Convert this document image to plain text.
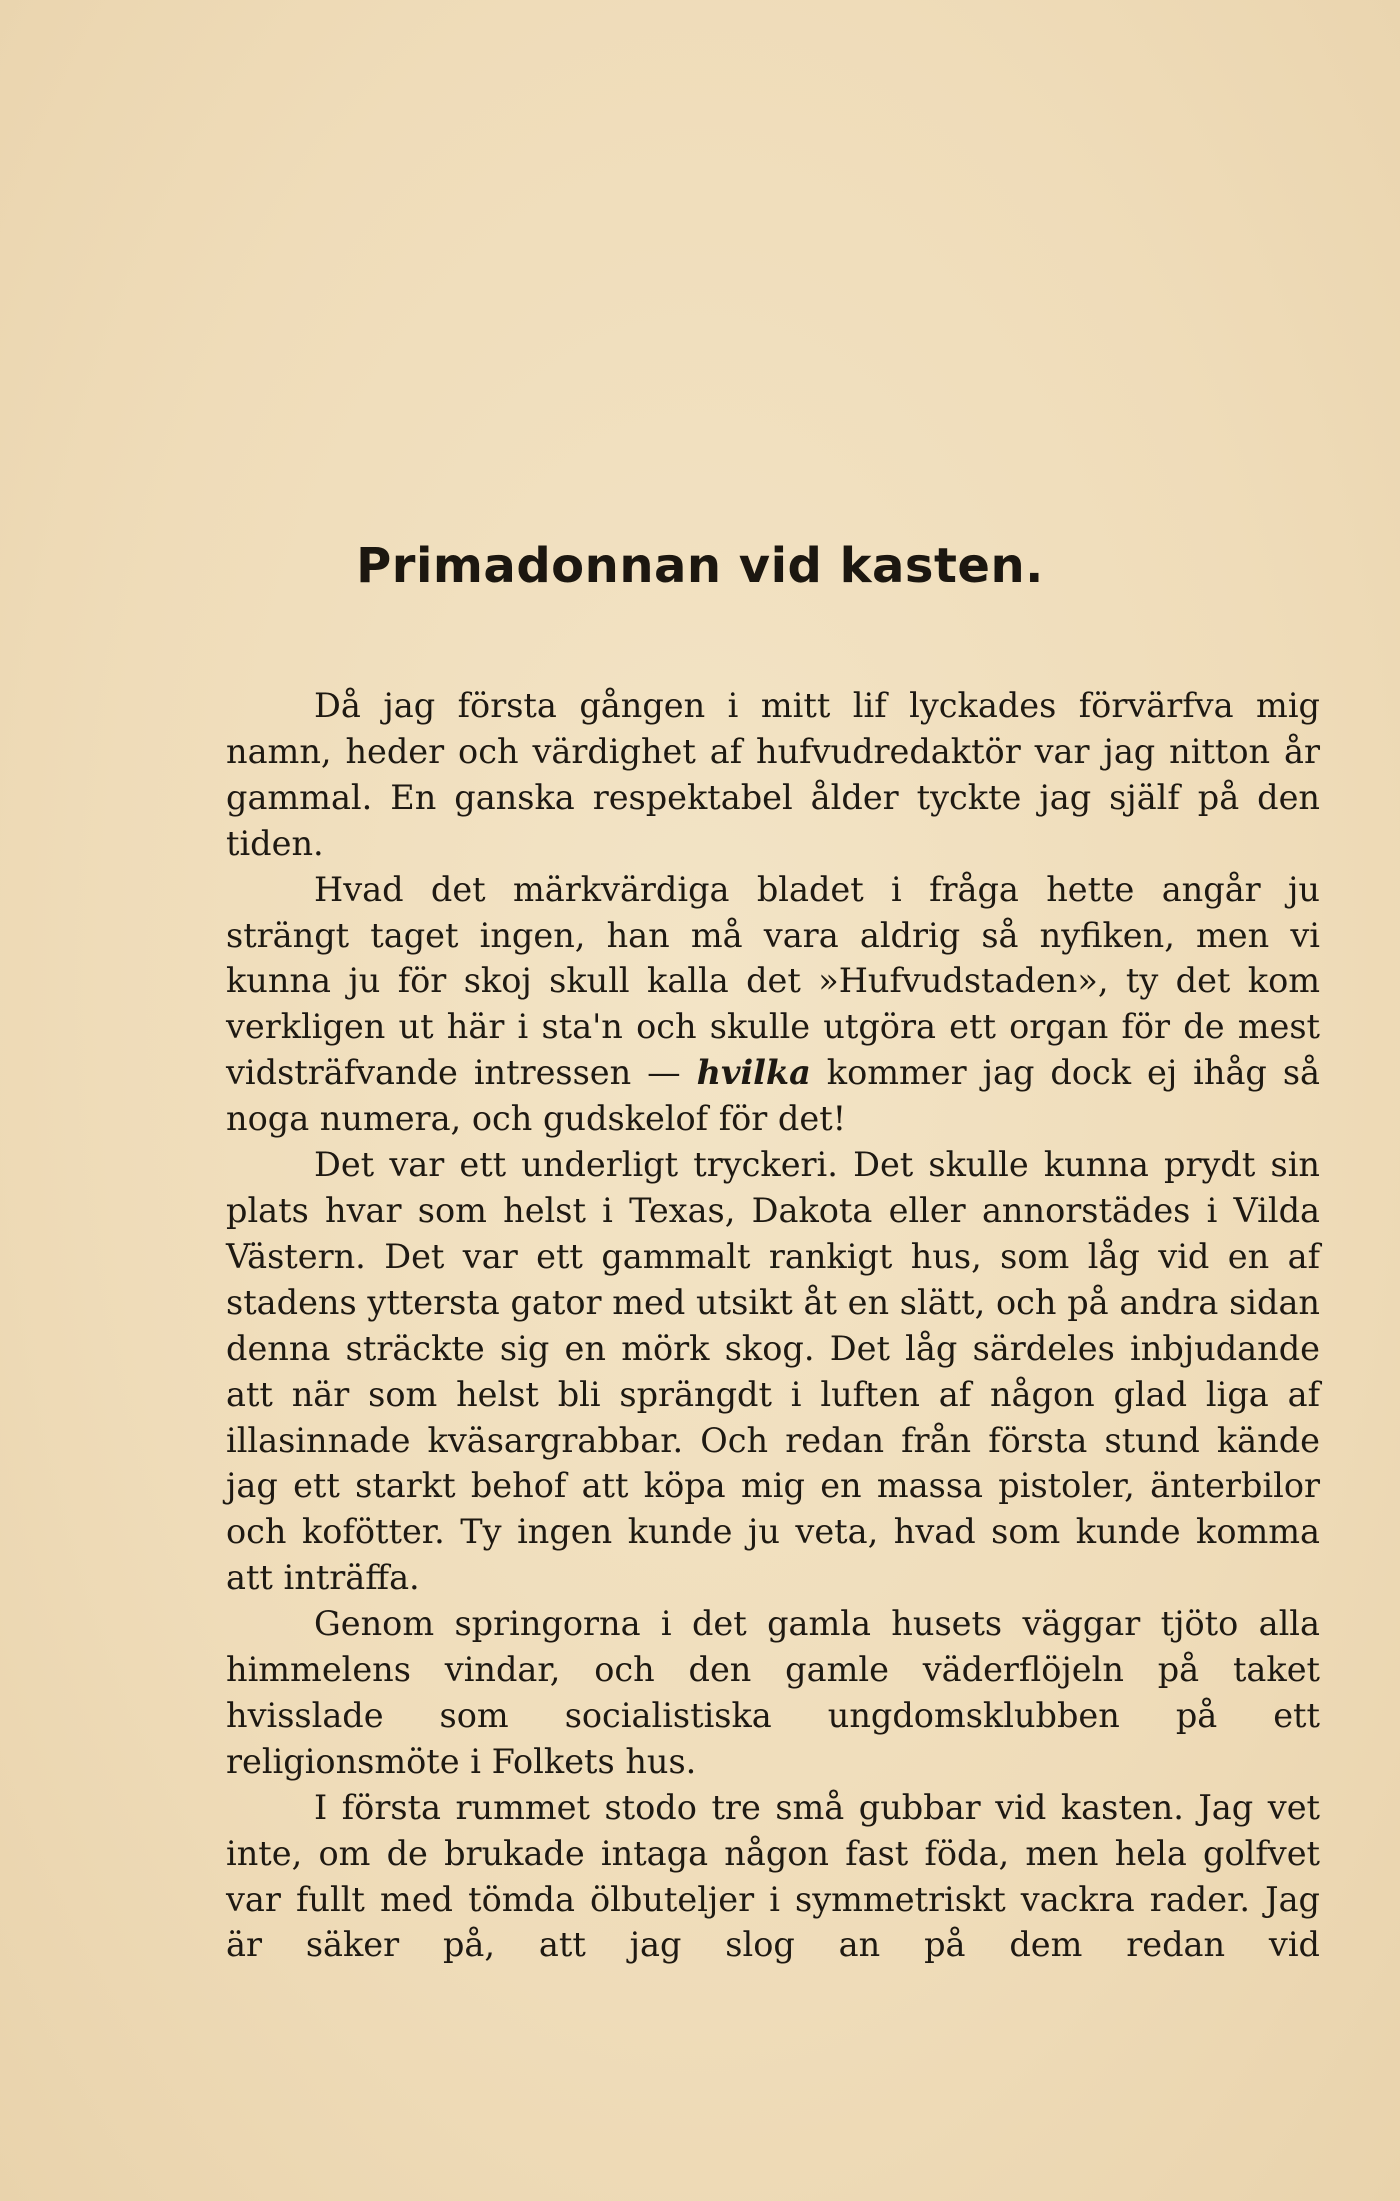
Primadonnan vid kasten.

Då jag första gången i mitt lif lyckades förvärfva mig namn, heder och värdighet af hufvudredaktör var jag nitton år gammal. En ganska respektabel ålder tyckte jag själf på den tiden.

Hvad det märkvärdiga bladet i fråga hette angår ju strängt taget ingen, han må vara aldrig så nyfiken, men vi kunna ju för skoj skull kalla det »Hufvudstaden», ty det kom verkligen ut här i sta'n och skulle utgöra ett organ för de mest vidsträfvande intressen — hvilka kommer jag dock ej ihåg så noga numera, och gudskelof för det!

Det var ett underligt tryckeri. Det skulle kunna prydt sin plats hvar som helst i Texas, Dakota eller annorstädes i Vilda Västern. Det var ett gammalt rankigt hus, som låg vid en af stadens yttersta gator med utsikt åt en slätt, och på andra sidan denna sträckte sig en mörk skog. Det låg särdeles inbjudande att när som helst bli sprängdt i luften af någon glad liga af illasinnade kväsargrabbar. Och redan från första stund kände jag ett starkt behof att köpa mig en massa pistoler, änterbilor och kofötter. Ty ingen kunde ju veta, hvad som kunde komma att inträffa.

Genom springorna i det gamla husets väggar tjöto alla himmelens vindar, och den gamle väderflöjeln på taket hvisslade som socialistiska ungdomsklubben på ett religionsmöte i Folkets hus.

I första rummet stodo tre små gubbar vid kasten. Jag vet inte, om de brukade intaga någon fast föda, men hela golfvet var fullt med tömda ölbuteljer i symmetriskt vackra rader. Jag är säker på, att jag slog an på dem redan vid
